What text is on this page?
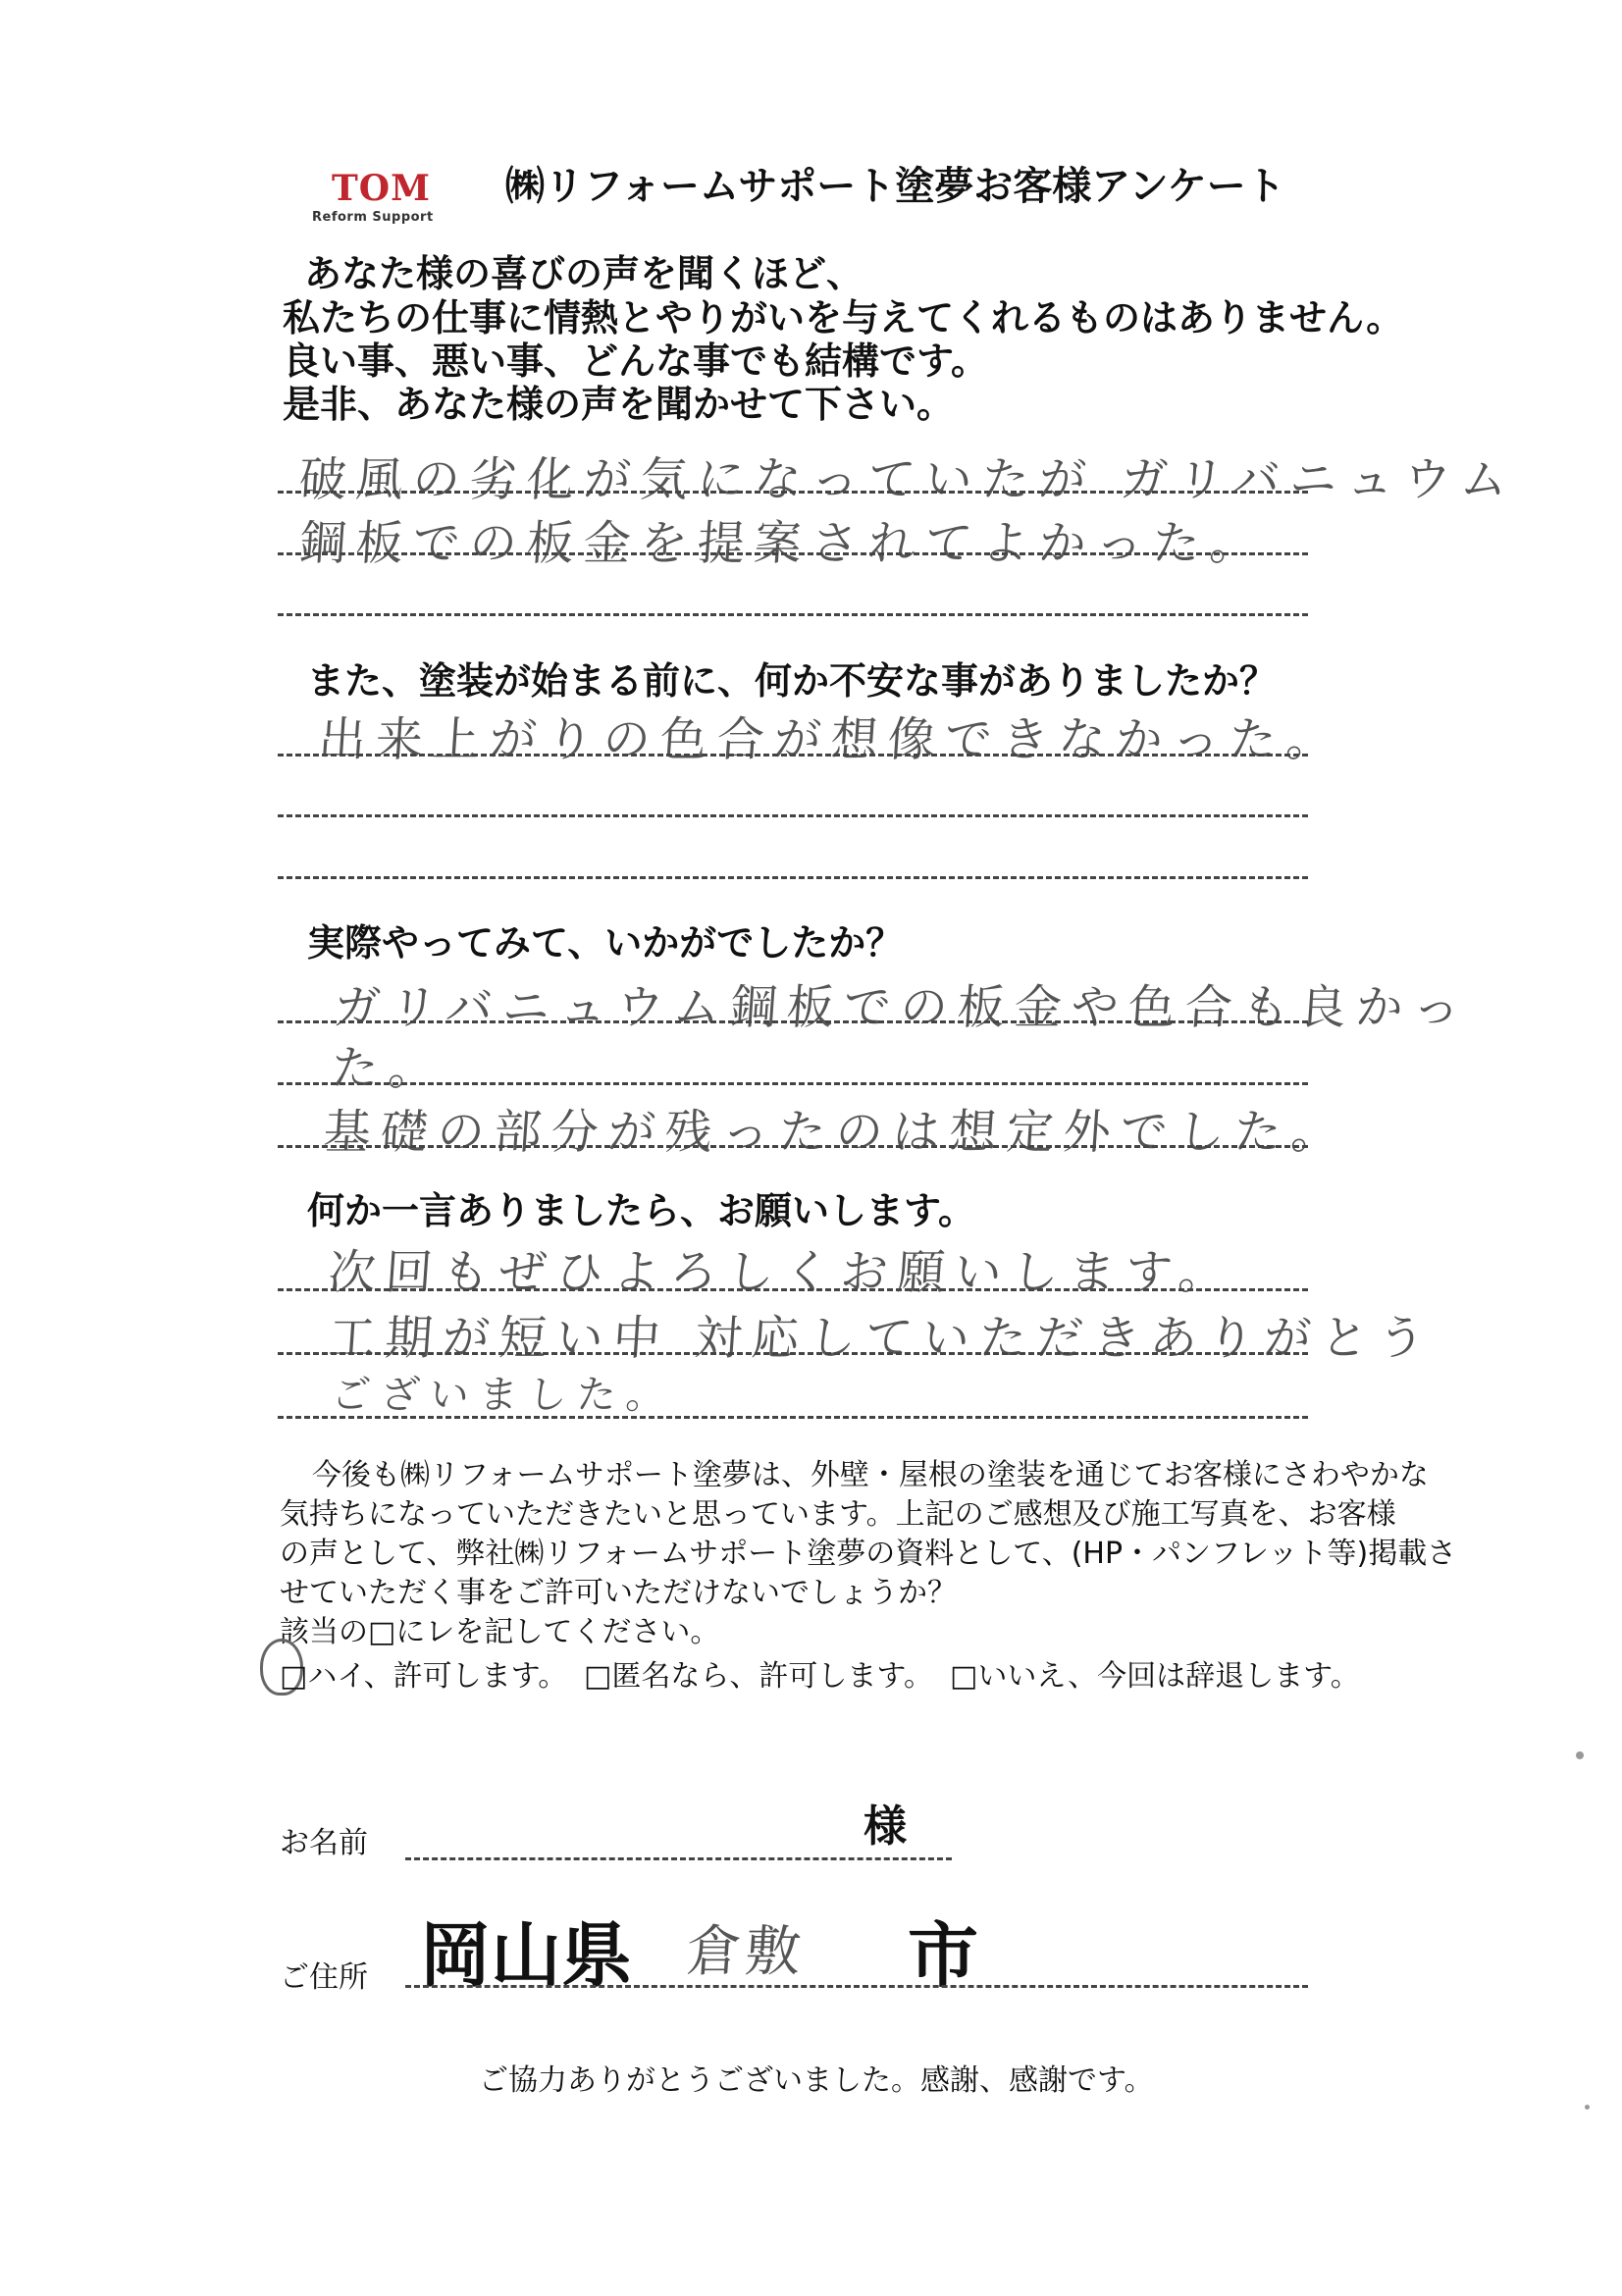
TOM
Reform Support
㈱リフォームサポート塗夢お客様アンケート
あなた様の喜びの声を聞くほど、
私たちの仕事に情熱とやりがいを与えてくれるものはありません。
良い事、悪い事、どんな事でも結構です。
是非、あなた様の声を聞かせて下さい。
破風の劣化が気になっていたが ガリバニュウム
鋼板での板金を提案されてよかった。
また、塗装が始まる前に、何か不安な事がありましたか？
出来上がりの色合が想像できなかった。
実際やってみて、いかがでしたか？
ガリバニュウム鋼板での板金や色合も良かっ
た。
基礎の部分が残ったのは想定外でした。
何か一言ありましたら、お願いします。
次回もぜひよろしくお願いします。
工期が短い中 対応していただきありがとう
ございました。
今後も㈱リフォームサポート塗夢は、外壁・屋根の塗装を通じてお客様にさわやかな
気持ちになっていただきたいと思っています。上記のご感想及び施工写真を、お客様
の声として、弊社㈱リフォームサポート塗夢の資料として、(HP・パンフレット等)掲載さ
せていただく事をご許可いただけないでしょうか？
該当の□にレを記してください。
□ハイ、許可します。 □匿名なら、許可します。 □いいえ、今回は辞退します。
お名前	様
ご住所 岡山県 倉敷 市
ご協力ありがとうございました。感謝、感謝です。
